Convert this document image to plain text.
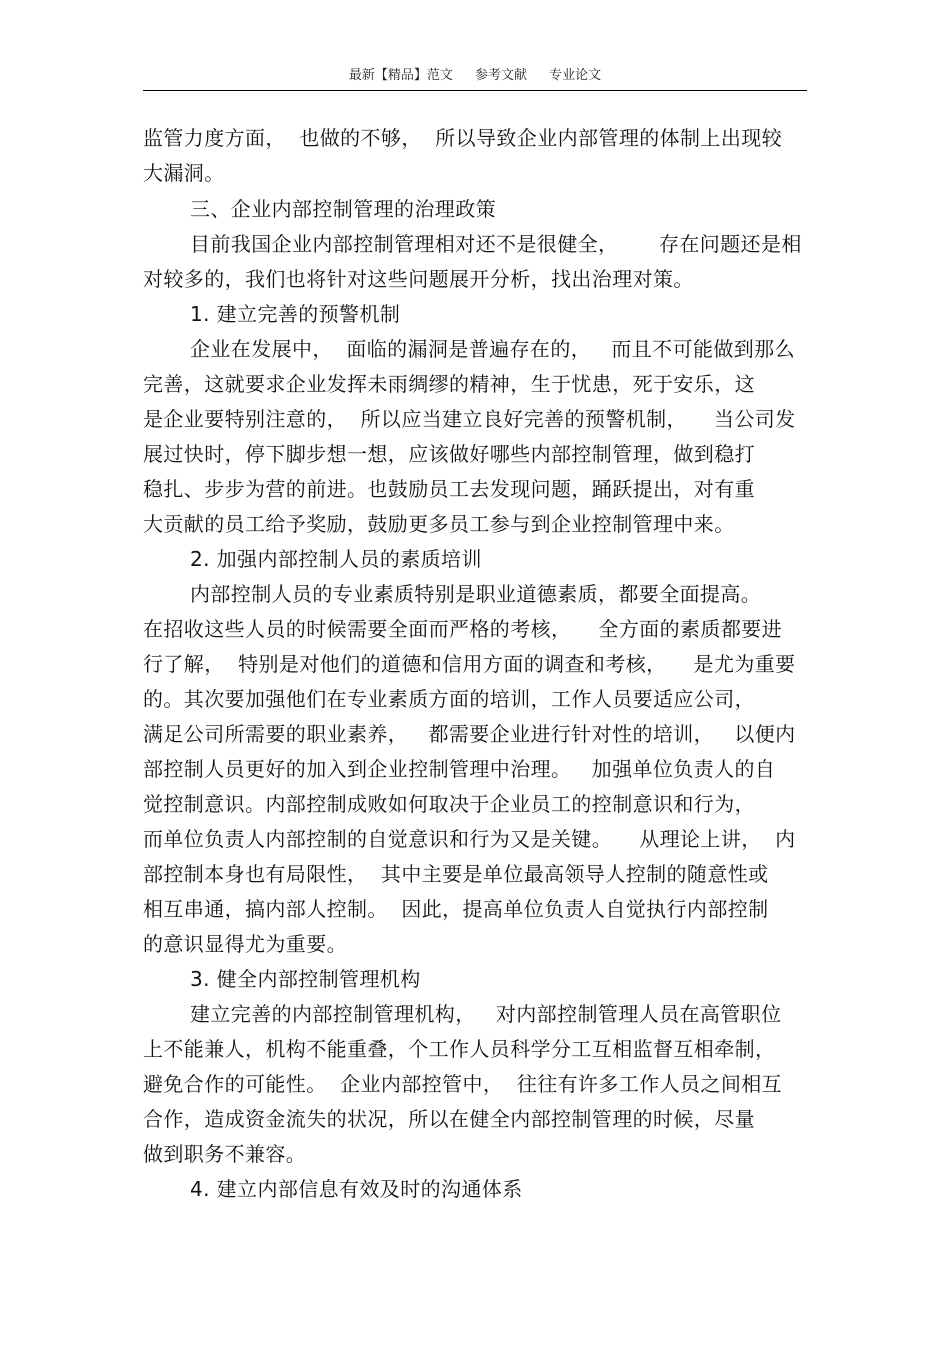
最新【精品】范文 参考文献 专业论文
监管力度方面，  也做的不够，  所以导致企业内部管理的体制上出现较
大漏洞。
三、企业内部控制管理的治理政策
目前我国企业内部控制管理相对还不是很健全，      存在问题还是相
对较多的，我们也将针对这些问题展开分析，找出治理对策。
1. 建立完善的预警机制
企业在发展中，  面临的漏洞是普遍存在的，   而且不可能做到那么
完善，这就要求企业发挥未雨绸缪的精神，生于忧患，死于安乐，这
是企业要特别注意的，  所以应当建立良好完善的预警机制，    当公司发
展过快时，停下脚步想一想，应该做好哪些内部控制管理，做到稳打
稳扎、步步为营的前进。也鼓励员工去发现问题，踊跃提出，对有重
大贡献的员工给予奖励，鼓励更多员工参与到企业控制管理中来。
2. 加强内部控制人员的素质培训
内部控制人员的专业素质特别是职业道德素质，都要全面提高。
在招收这些人员的时候需要全面而严格的考核，    全方面的素质都要进
行了解，  特别是对他们的道德和信用方面的调查和考核，    是尤为重要
的。其次要加强他们在专业素质方面的培训，工作人员要适应公司，
满足公司所需要的职业素养，   都需要企业进行针对性的培训，   以便内
部控制人员更好的加入到企业控制管理中治理。   加强单位负责人的自
觉控制意识。内部控制成败如何取决于企业员工的控制意识和行为，
而单位负责人内部控制的自觉意识和行为又是关键。    从理论上讲，  内
部控制本身也有局限性，  其中主要是单位最高领导人控制的随意性或
相互串通，搞内部人控制。  因此，提高单位负责人自觉执行内部控制
的意识显得尤为重要。
3. 健全内部控制管理机构
建立完善的内部控制管理机构，   对内部控制管理人员在高管职位
上不能兼人，机构不能重叠，个工作人员科学分工互相监督互相牵制，
避免合作的可能性。  企业内部控管中，  往往有许多工作人员之间相互
合作，造成资金流失的状况，所以在健全内部控制管理的时候，尽量
做到职务不兼容。
4. 建立内部信息有效及时的沟通体系
